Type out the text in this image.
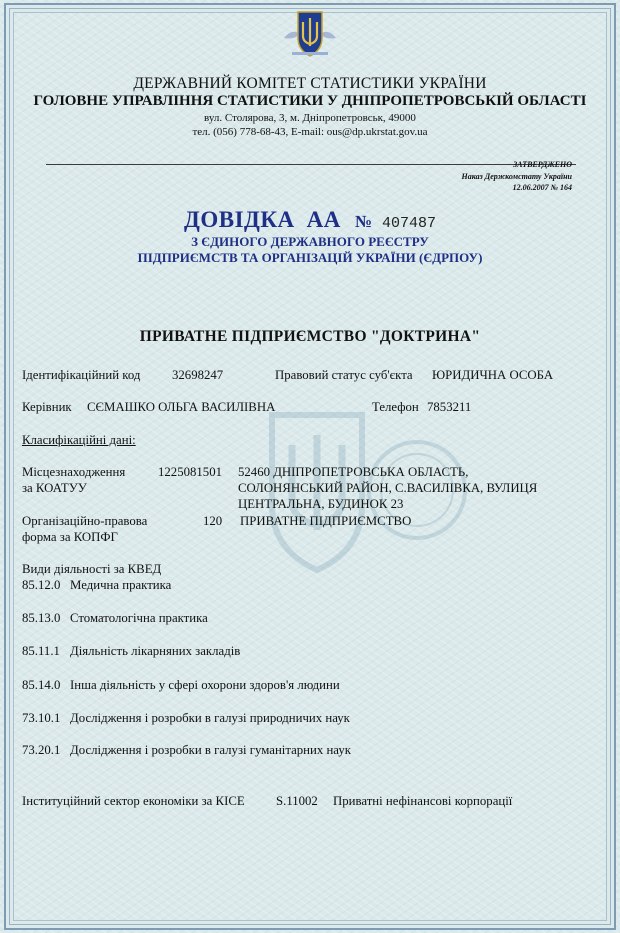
ДЕРЖАВНИЙ КОМІТЕТ СТАТИСТИКИ УКРАЇНИ
ГОЛОВНЕ УПРАВЛІННЯ СТАТИСТИКИ У ДНІПРОПЕТРОВСЬКІЙ ОБЛАСТІ
вул. Столярова, 3, м. Дніпропетровськ, 49000
тел. (056) 778-68-43, E-mail: ous@dp.ukrstat.gov.ua
ЗАТВЕРДЖЕНО
Наказ Держкомстату України
12.06.2007 № 164
ДОВІДКА АА № 407487
З ЄДИНОГО ДЕРЖАВНОГО РЕЄСТРУ
ПІДПРИЄМСТВ ТА ОРГАНІЗАЦІЙ УКРАЇНИ (ЄДРПОУ)
ПРИВАТНЕ ПІДПРИЄМСТВО "ДОКТРИНА"
Ідентифікаційний код 32698247	Правовий статус суб'єкта ЮРИДИЧНА ОСОБА
Керівник СЄМАШКО ОЛЬГА ВАСИЛІВНА	Телефон 7853211
Класифікаційні дані:
Місцезнаходження
за КОАТУУ
1225081501 52460 ДНІПРОПЕТРОВСЬКА ОБЛАСТЬ,
СОЛОНЯНСЬКИЙ РАЙОН, С.ВАСИЛІВКА, ВУЛИЦЯ
ЦЕНТРАЛЬНА, БУДИНОК 23
Організаційно-правова
форма за КОПФГ
120 ПРИВАТНЕ ПІДПРИЄМСТВО
Види діяльності за КВЕД
85.12.0 Медична практика
85.13.0 Стоматологічна практика
85.11.1 Діяльність лікарняних закладів
85.14.0 Інша діяльність у сфері охорони здоров'я людини
73.10.1 Дослідження і розробки в галузі природничих наук
73.20.1 Дослідження і розробки в галузі гуманітарних наук
Інституційний сектор економіки за КІСЕ S.11002 Приватні нефінансові корпорації
